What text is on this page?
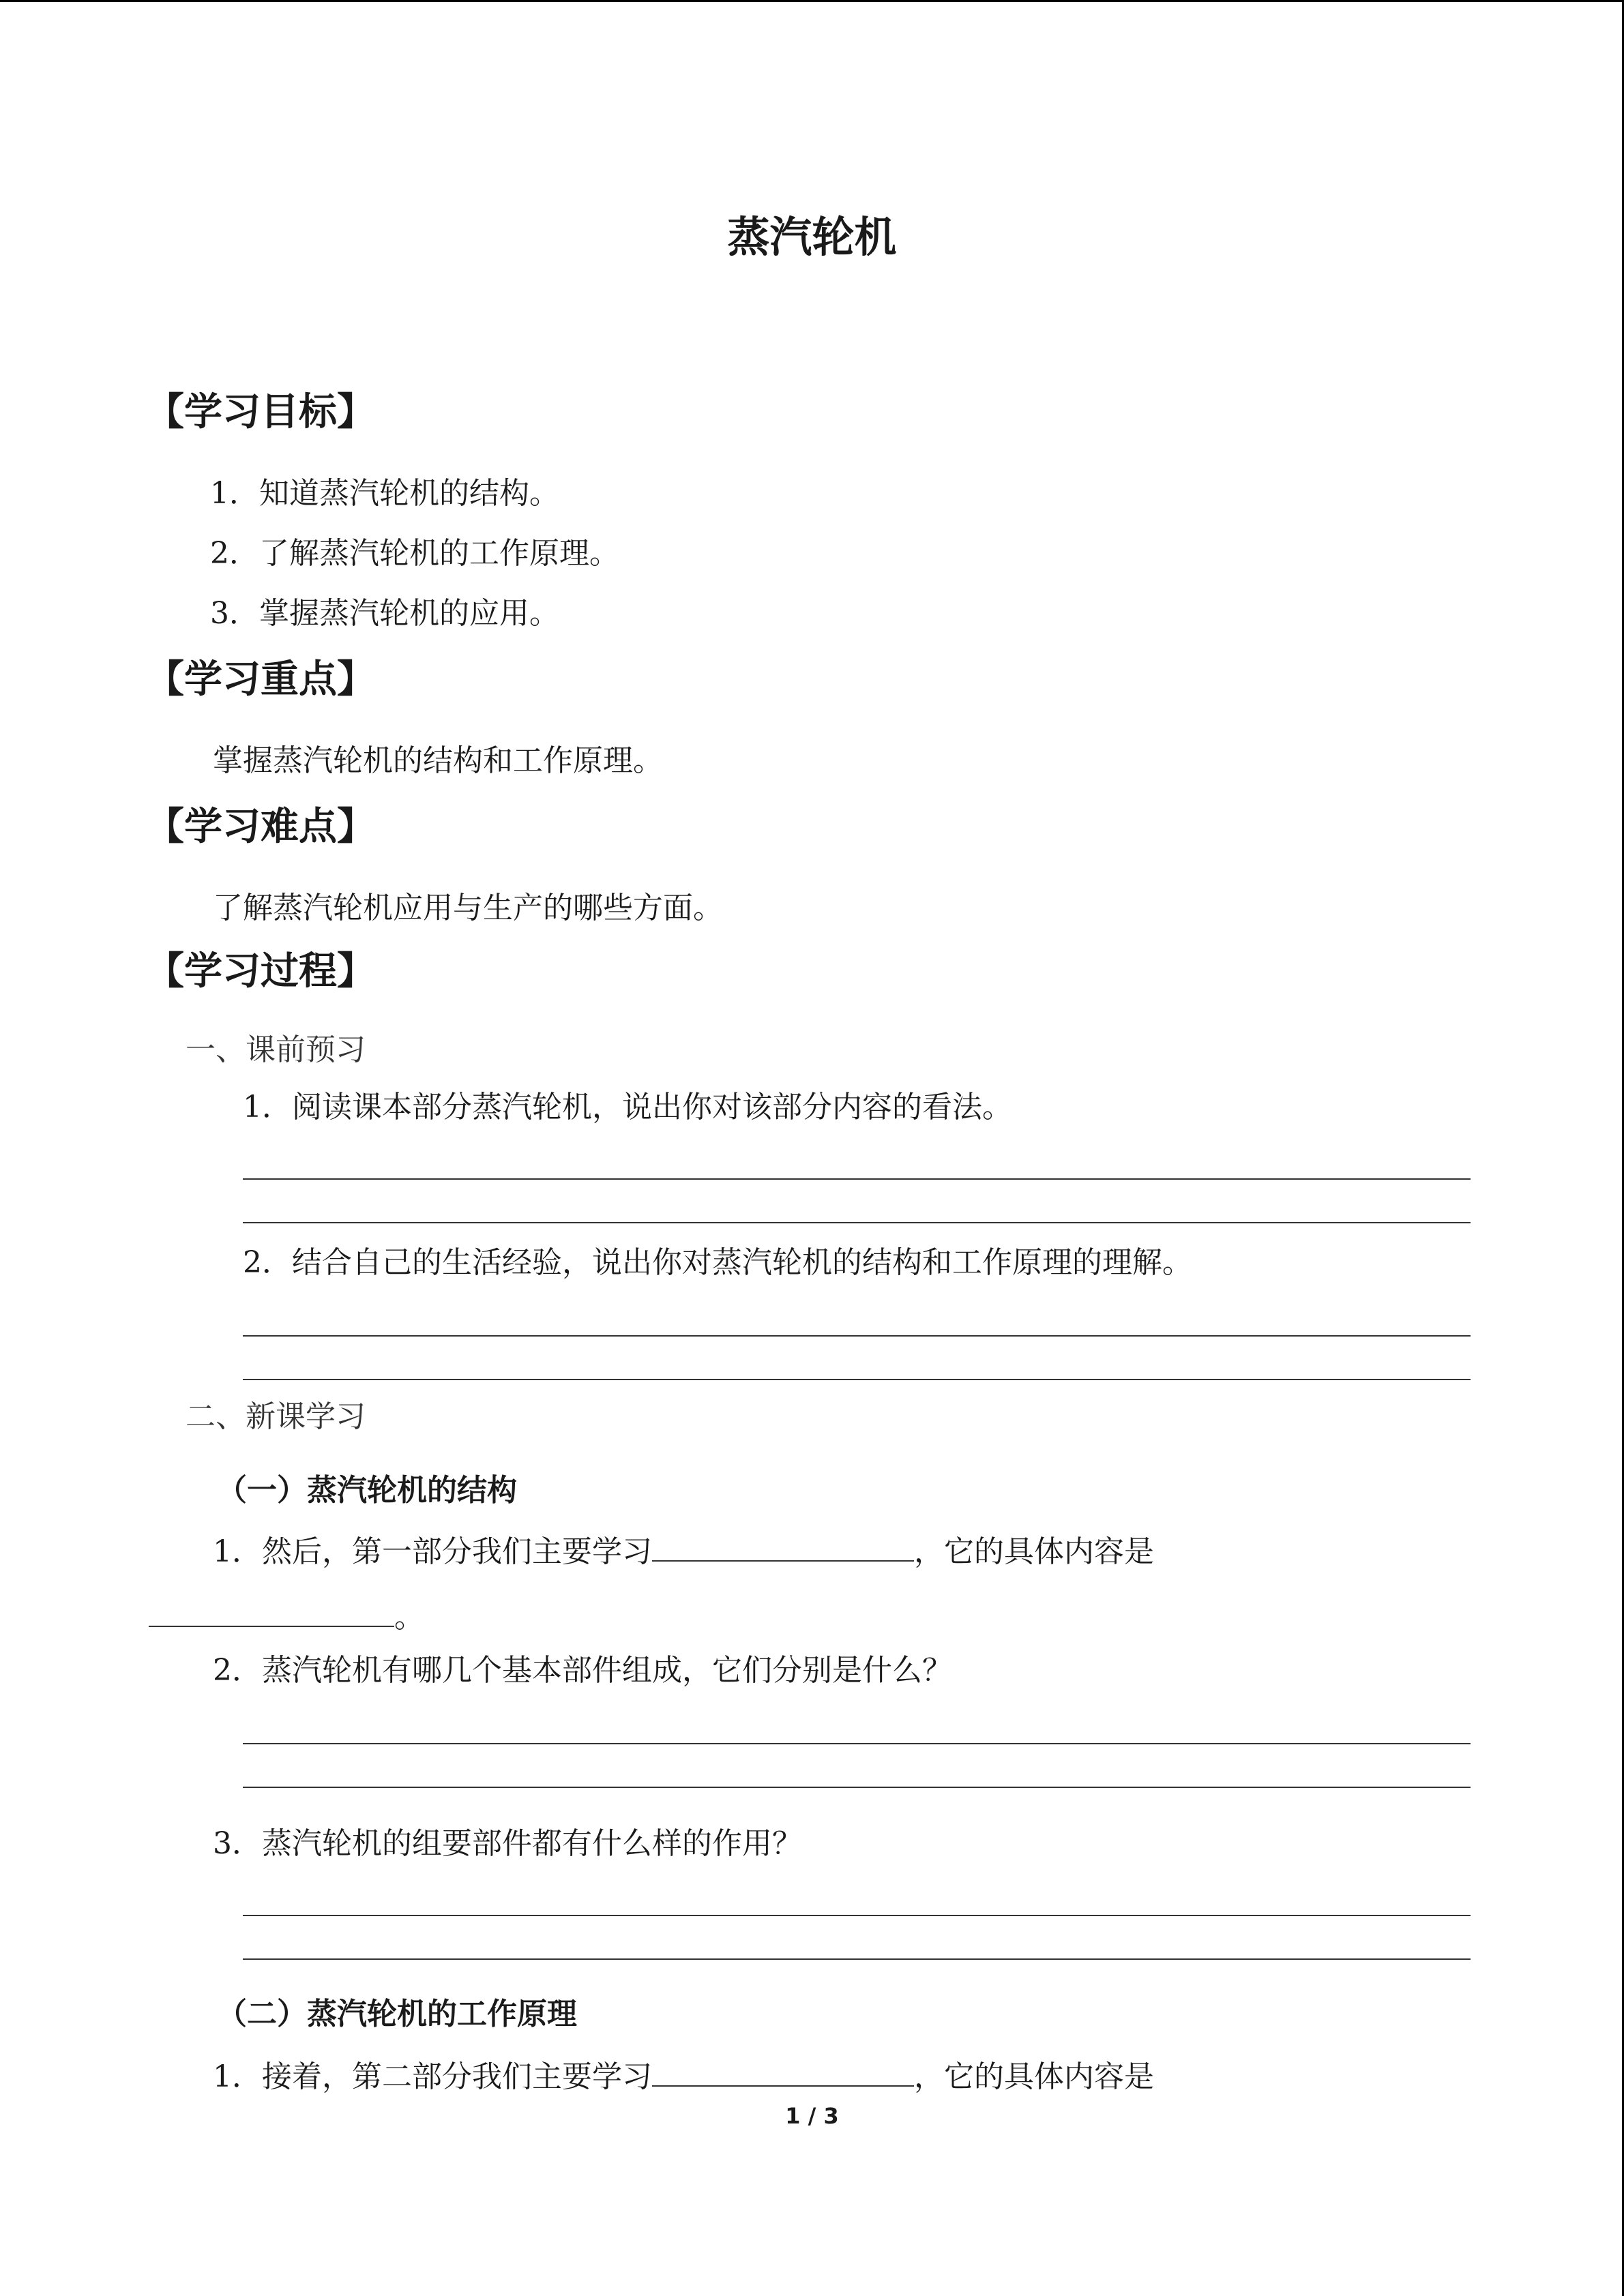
蒸汽轮机
【学习目标】
1．知道蒸汽轮机的结构。
2．了解蒸汽轮机的工作原理。
3．掌握蒸汽轮机的应用。
【学习重点】
掌握蒸汽轮机的结构和工作原理。
【学习难点】
了解蒸汽轮机应用与生产的哪些方面。
【学习过程】
一、课前预习
1．阅读课本部分蒸汽轮机，说出你对该部分内容的看法。
2．结合自己的生活经验，说出你对蒸汽轮机的结构和工作原理的理解。
二、新课学习
（一）蒸汽轮机的结构
1．然后，第一部分我们主要学习	，它的具体内容是
。
2．蒸汽轮机有哪几个基本部件组成，它们分别是什么？
3．蒸汽轮机的组要部件都有什么样的作用？
（二）蒸汽轮机的工作原理
1．接着，第二部分我们主要学习	，它的具体内容是
1 / 3
